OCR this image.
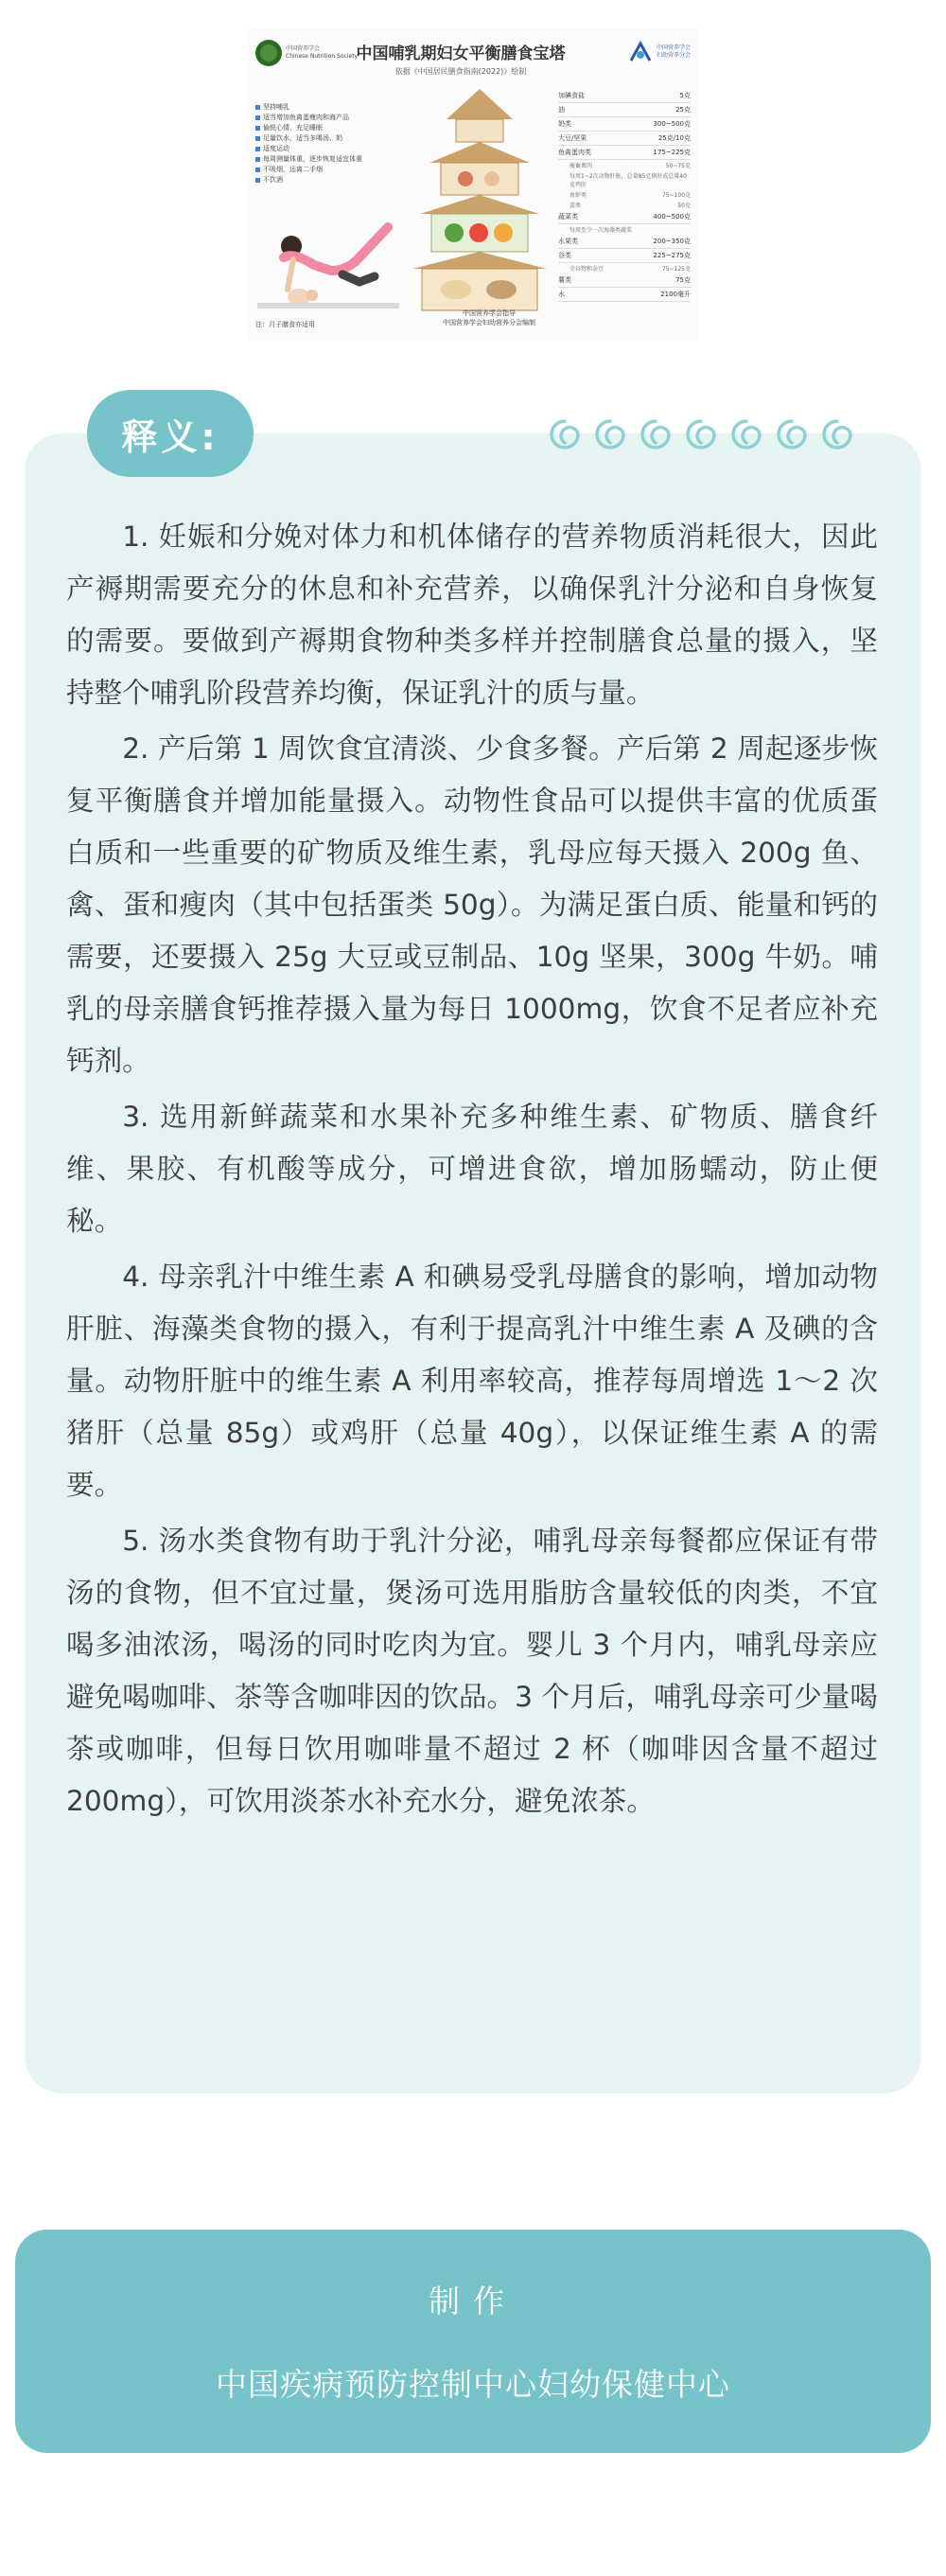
中国营养学会
Chinese Nutrition Society
中国哺乳期妇女平衡膳食宝塔
依据《中国居民膳食指南(2022)》绘制
中国营养学会
妇幼营养分会
坚持哺乳
适当增加鱼禽蛋瘦肉和海产品
愉悦心情，充足睡眠
足量饮水，适当多喝汤、奶
适度运动
每周测量体重，逐步恢复适宜体重
不吸烟，远离二手烟
不饮酒
加碘食盐	5克
油	25克
奶类	300~500克
大豆/坚果	25克/10克
鱼禽蛋肉类	175~225克
瘦畜禽肉	50~75克
每周1~2次动物肝脏，总量85克猪肝或总量40克鸡肝
鱼虾类	75~100克
蛋类	50克
蔬菜类	400~500克
每周至少一次海藻类蔬菜
水果类	200~350克
谷类	225~275克
全谷物和杂豆	75~125克
薯类	75克
水	2100毫升
中国营养学会指导
中国营养学会妇幼营养分会编制
注：月子膳食亦适用
释义:

1. 妊娠和分娩对体力和机体储存的营养物质消耗很大，因此产褥期需要充分的休息和补充营养，以确保乳汁分泌和自身恢复的需要。要做到产褥期食物种类多样并控制膳食总量的摄入，坚持整个哺乳阶段营养均衡，保证乳汁的质与量。

2. 产后第 1 周饮食宜清淡、少食多餐。产后第 2 周起逐步恢复平衡膳食并增加能量摄入。动物性食品可以提供丰富的优质蛋白质和一些重要的矿物质及维生素，乳母应每天摄入 200g 鱼、禽、蛋和瘦肉（其中包括蛋类 50g）。为满足蛋白质、能量和钙的需要，还要摄入 25g 大豆或豆制品、10g 坚果，300g 牛奶。哺乳的母亲膳食钙推荐摄入量为每日 1000mg，饮食不足者应补充钙剂。

3. 选用新鲜蔬菜和水果补充多种维生素、矿物质、膳食纤维、果胶、有机酸等成分，可增进食欲，增加肠蠕动，防止便秘。

4. 母亲乳汁中维生素 A 和碘易受乳母膳食的影响，增加动物肝脏、海藻类食物的摄入，有利于提高乳汁中维生素 A 及碘的含量。动物肝脏中的维生素 A 利用率较高，推荐每周增选 1～2 次猪肝（总量 85g）或鸡肝（总量 40g），以保证维生素 A 的需要。

5. 汤水类食物有助于乳汁分泌，哺乳母亲每餐都应保证有带汤的食物，但不宜过量，煲汤可选用脂肪含量较低的肉类，不宜喝多油浓汤，喝汤的同时吃肉为宜。婴儿 3 个月内，哺乳母亲应避免喝咖啡、茶等含咖啡因的饮品。3 个月后，哺乳母亲可少量喝茶或咖啡，但每日饮用咖啡量不超过 2 杯（咖啡因含量不超过 200mg），可饮用淡茶水补充水分，避免浓茶。

制作
中国疾病预防控制中心妇幼保健中心
